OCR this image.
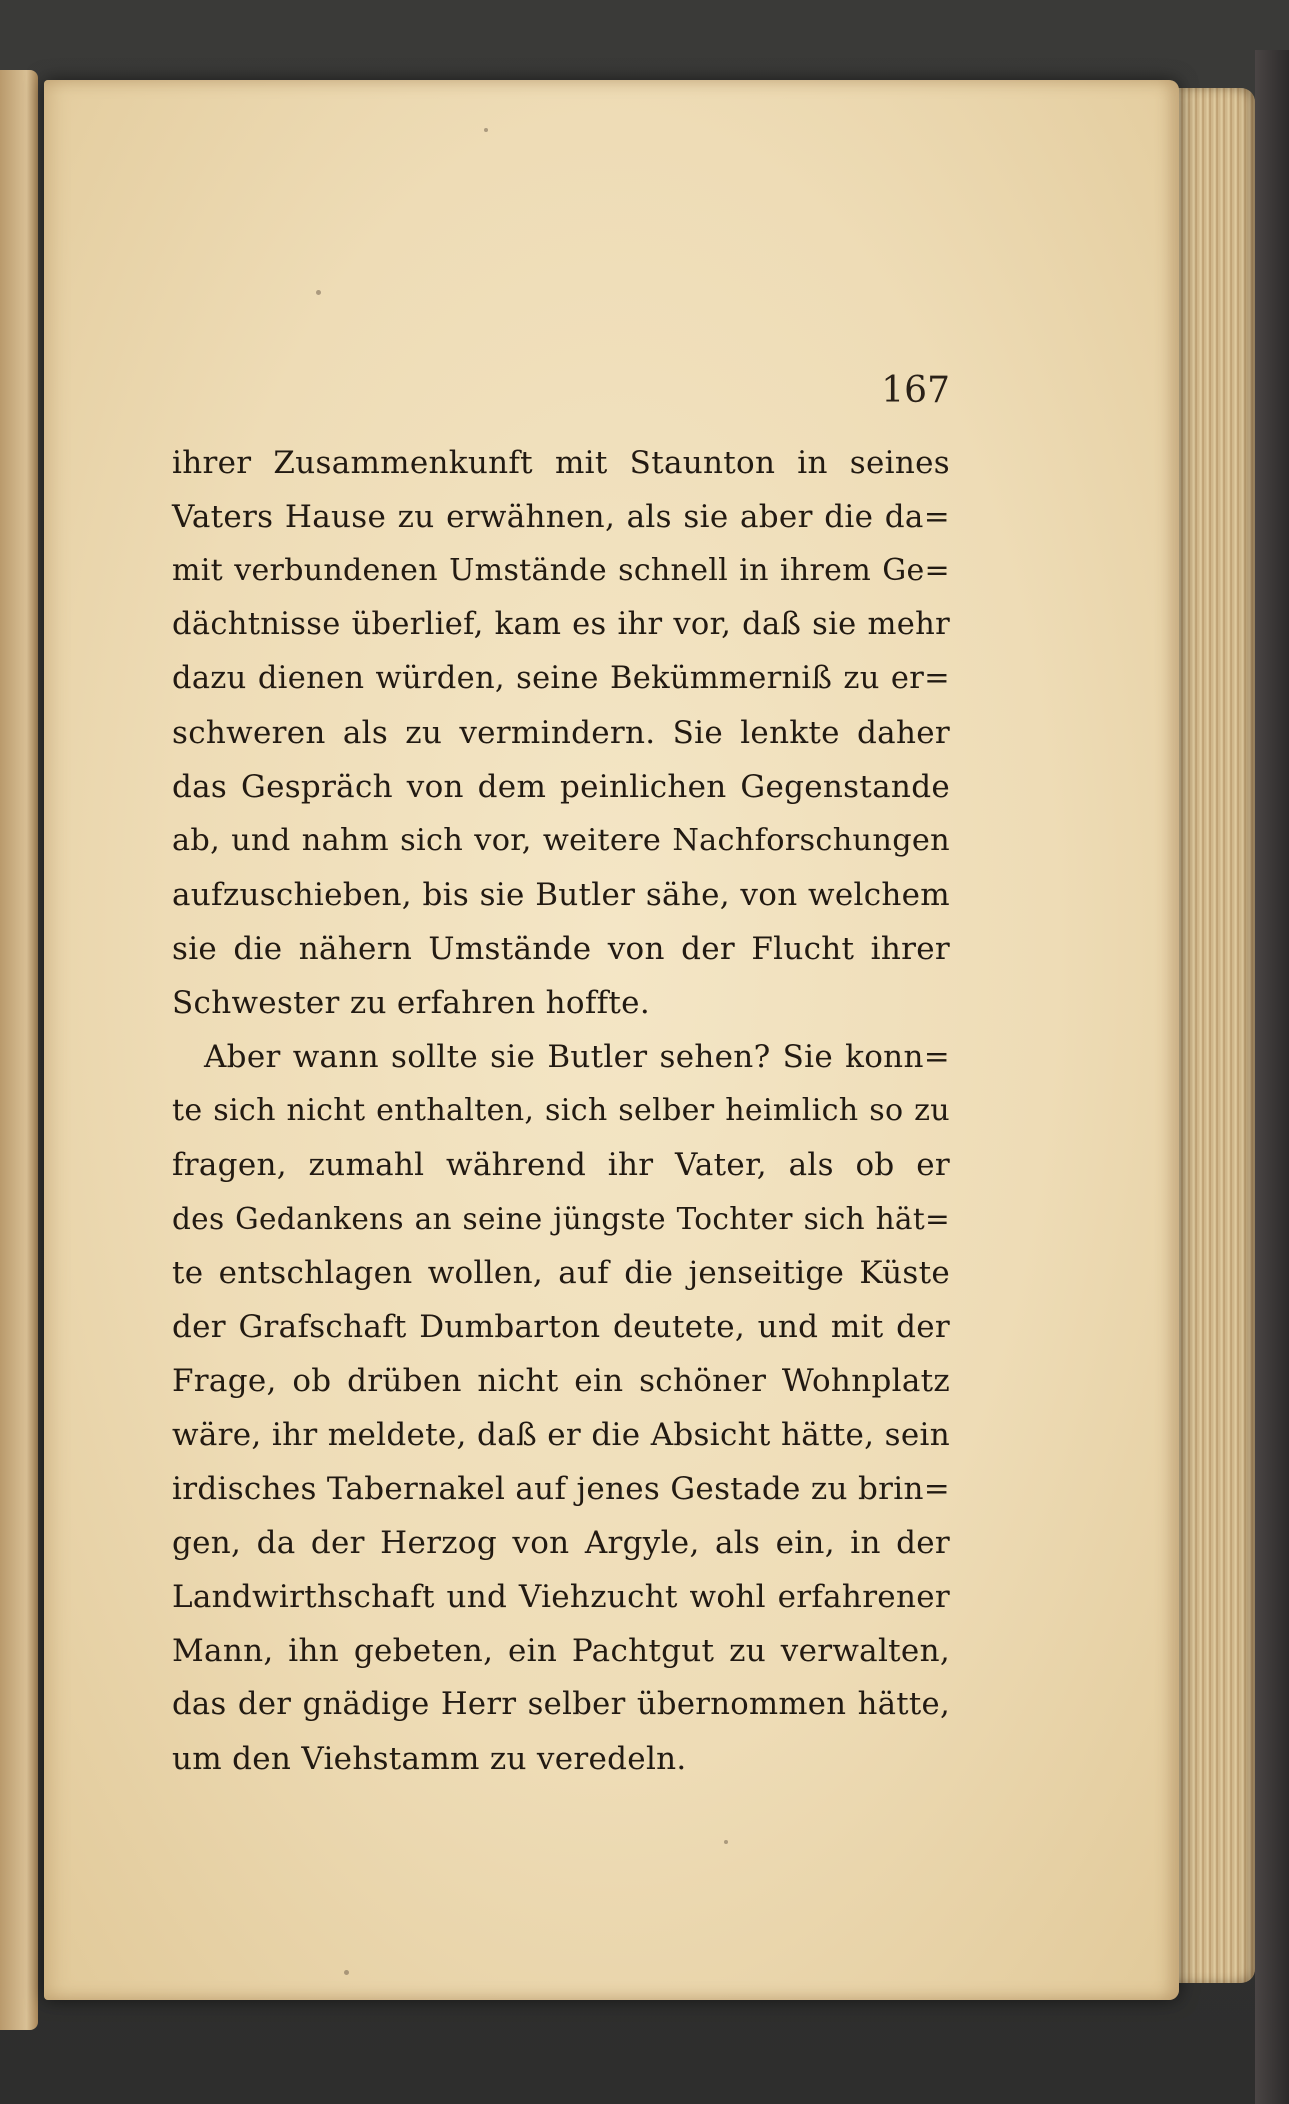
167
ihrer Zusammenkunft mit Staunton in seines
Vaters Hause zu erwähnen, als sie aber die da=
mit verbundenen Umstände schnell in ihrem Ge=
dächtnisse überlief, kam es ihr vor, daß sie mehr
dazu dienen würden, seine Bekümmerniß zu er=
schweren als zu vermindern. Sie lenkte daher
das Gespräch von dem peinlichen Gegenstande
ab, und nahm sich vor, weitere Nachforschungen
aufzuschieben, bis sie Butler sähe, von welchem
sie die nähern Umstände von der Flucht ihrer
Schwester zu erfahren hoffte.
Aber wann sollte sie Butler sehen? Sie konn=
te sich nicht enthalten, sich selber heimlich so zu
fragen, zumahl während ihr Vater, als ob er
des Gedankens an seine jüngste Tochter sich hät=
te entschlagen wollen, auf die jenseitige Küste
der Grafschaft Dumbarton deutete, und mit der
Frage, ob drüben nicht ein schöner Wohnplatz
wäre, ihr meldete, daß er die Absicht hätte, sein
irdisches Tabernakel auf jenes Gestade zu brin=
gen, da der Herzog von Argyle, als ein, in der
Landwirthschaft und Viehzucht wohl erfahrener
Mann, ihn gebeten, ein Pachtgut zu verwalten,
das der gnädige Herr selber übernommen hätte,
um den Viehstamm zu veredeln.
